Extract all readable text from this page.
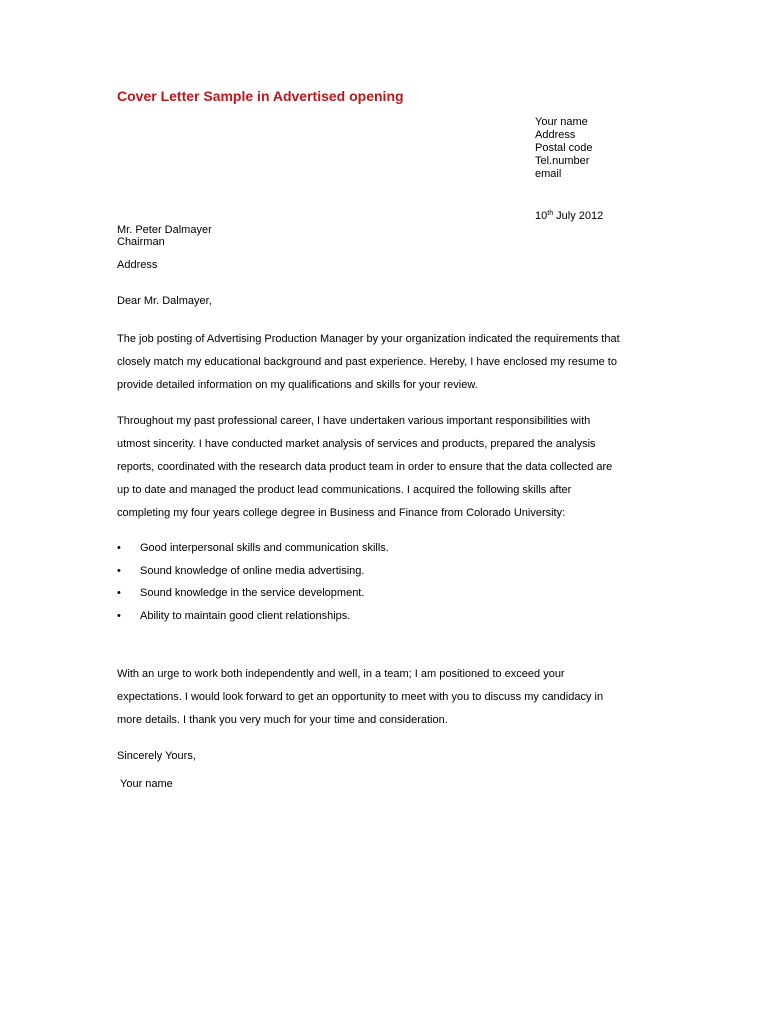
Cover Letter Sample in Advertised opening
Your name
Address
Postal code
Tel.number
email
10th July 2012
Mr. Peter Dalmayer
Chairman
Address
Dear Mr. Dalmayer,
The job posting of Advertising Production Manager by your organization indicated the requirements that
closely match my educational background and past experience. Hereby, I have enclosed my resume to
provide detailed information on my qualifications and skills for your review.
Throughout my past professional career, I have undertaken various important responsibilities with
utmost sincerity. I have conducted market analysis of services and products, prepared the analysis
reports, coordinated with the research data product team in order to ensure that the data collected are
up to date and managed the product lead communications. I acquired the following skills after
completing my four years college degree in Business and Finance from Colorado University:
• Good interpersonal skills and communication skills.
• Sound knowledge of online media advertising.
• Sound knowledge in the service development.
• Ability to maintain good client relationships.
With an urge to work both independently and well, in a team; I am positioned to exceed your
expectations. I would look forward to get an opportunity to meet with you to discuss my candidacy in
more details. I thank you very much for your time and consideration.
Sincerely Yours,
Your name
